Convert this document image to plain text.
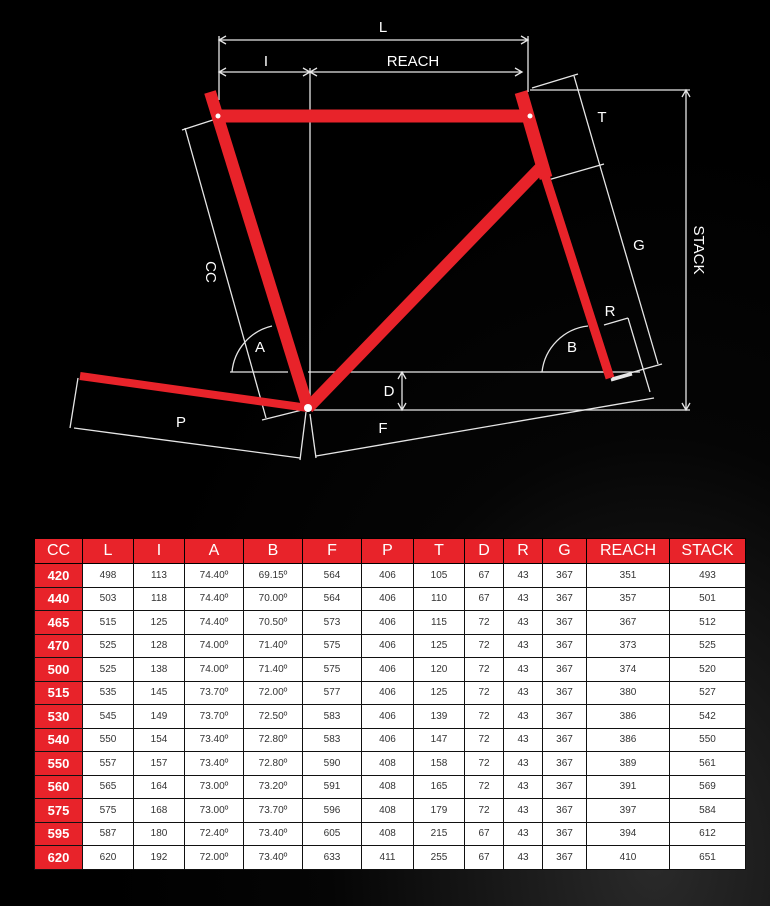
L
I	REACH
T
G
R
A	B
D
P	F
CC	STACK
CC	L	I	A	B	F	P	T	D	R	G	REACH	STACK
420	498	113	74.40º	69.15º	564	406	105	67	43	367	351	493
440	503	118	74.40º	70.00º	564	406	110	67	43	367	357	501
465	515	125	74.40º	70.50º	573	406	115	72	43	367	367	512
470	525	128	74.00º	71.40º	575	406	125	72	43	367	373	525
500	525	138	74.00º	71.40º	575	406	120	72	43	367	374	520
515	535	145	73.70º	72.00º	577	406	125	72	43	367	380	527
530	545	149	73.70º	72.50º	583	406	139	72	43	367	386	542
540	550	154	73.40º	72.80º	583	406	147	72	43	367	386	550
550	557	157	73.40º	72.80º	590	408	158	72	43	367	389	561
560	565	164	73.00º	73.20º	591	408	165	72	43	367	391	569
575	575	168	73.00º	73.70º	596	408	179	72	43	367	397	584
595	587	180	72.40º	73.40º	605	408	215	67	43	367	394	612
620	620	192	72.00º	73.40º	633	411	255	67	43	367	410	651
